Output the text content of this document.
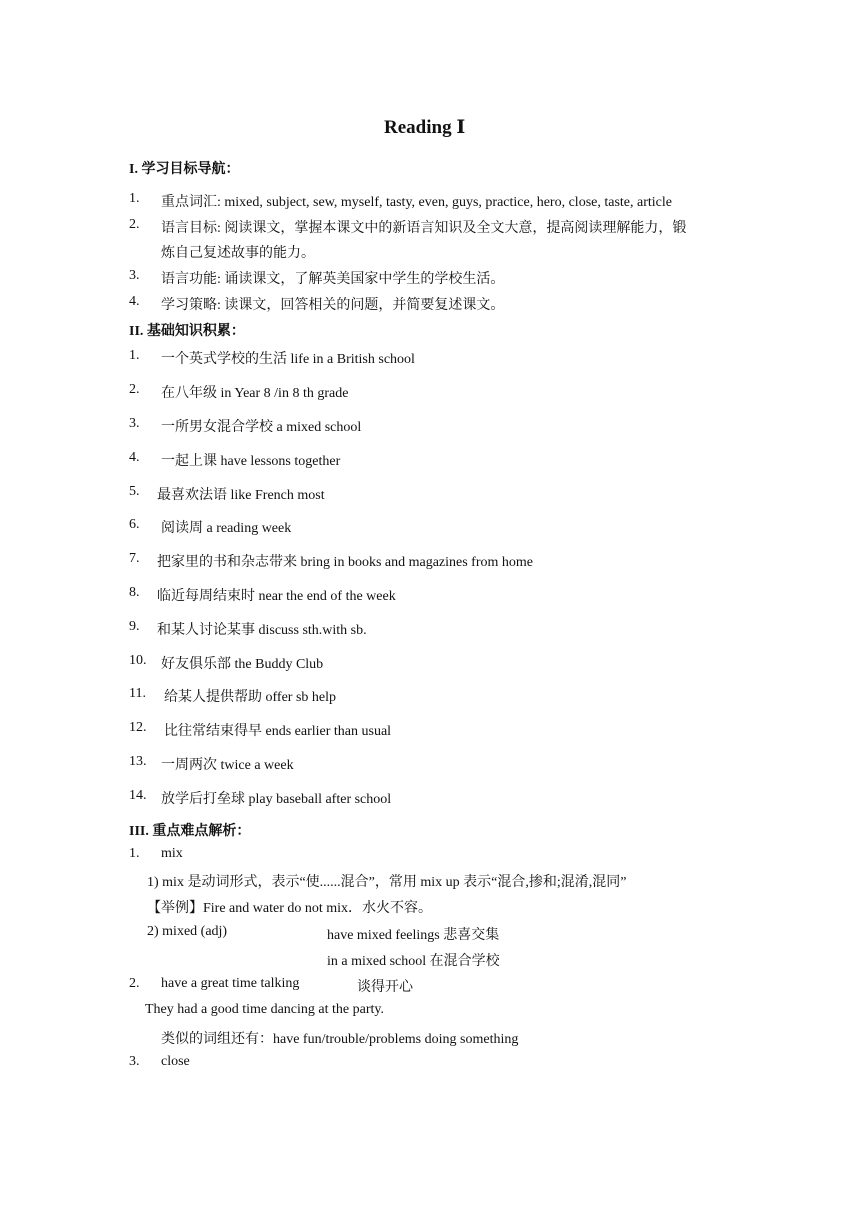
Reading Ⅰ
I. 学习目标导航：
1. 重点词汇: mixed, subject, sew, myself, tasty, even, guys, practice, hero, close, taste, article
2. 语言目标: 阅读课文，掌握本课文中的新语言知识及全文大意，提高阅读理解能力，锻
炼自己复述故事的能力。
3. 语言功能: 诵读课文，了解英美国家中学生的学校生活。
4. 学习策略: 读课文，回答相关的问题，并简要复述课文。
II. 基础知识积累：
1. 一个英式学校的生活 life in a British school
2. 在八年级 in Year 8 /in 8 th grade
3. 一所男女混合学校 a mixed school
4. 一起上课 have lessons together
5. 最喜欢法语 like French most
6. 阅读周 a reading week
7. 把家里的书和杂志带来 bring in books and magazines from home
8. 临近每周结束时 near the end of the week
9. 和某人讨论某事 discuss sth.with sb.
10. 好友俱乐部 the Buddy Club
11. 给某人提供帮助 offer sb help
12. 比往常结束得早 ends earlier than usual
13. 一周两次 twice a week
14. 放学后打垒球 play baseball after school
III. 重点难点解析：
1. mix
1) mix 是动词形式，表示“使......混合”，常用 mix up 表示“混合,掺和;混淆,混同”
【举例】Fire and water do not mix．水火不容。
2) mixed (adj)	have mixed feelings 悲喜交集
in a mixed school 在混合学校
2. have a great time talking	谈得开心
They had a good time dancing at the party.
类似的词组还有：have fun/trouble/problems doing something
3. close
